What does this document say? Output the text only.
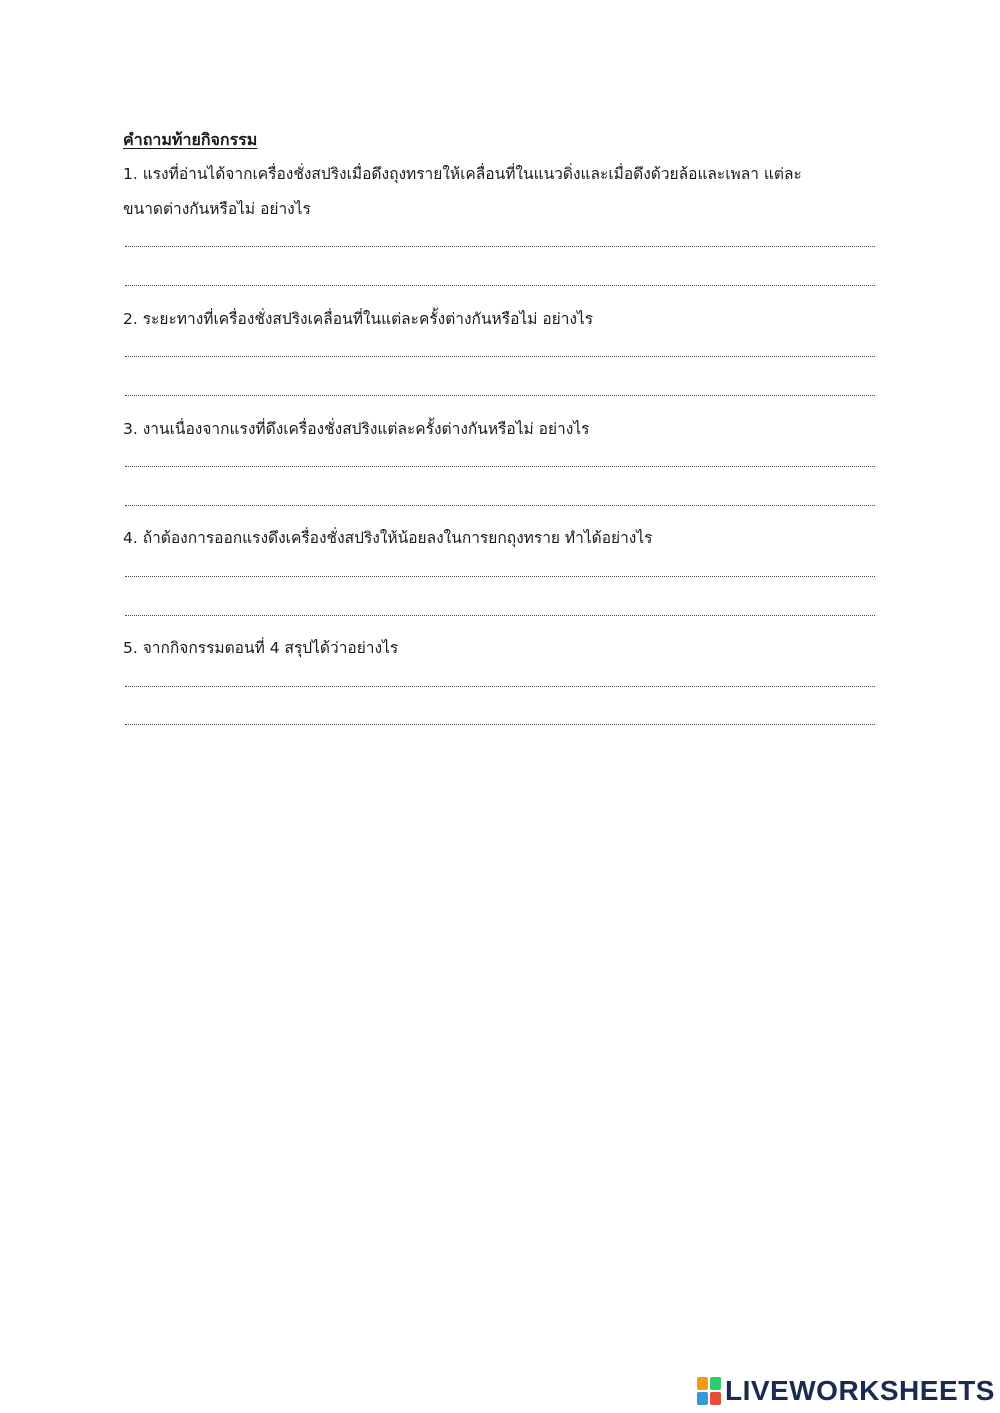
คำถามท้ายกิจกรรม
1. แรงที่อ่านได้จากเครื่องชั่งสปริงเมื่อดึงถุงทรายให้เคลื่อนที่ในแนวดิ่งและเมื่อดึงด้วยล้อและเพลา แต่ละ
ขนาดต่างกันหรือไม่ อย่างไร
2. ระยะทางที่เครื่องชั่งสปริงเคลื่อนที่ในแต่ละครั้งต่างกันหรือไม่ อย่างไร
3. งานเนื่องจากแรงที่ดึงเครื่องชั่งสปริงแต่ละครั้งต่างกันหรือไม่ อย่างไร
4. ถ้าต้องการออกแรงดึงเครื่องชั่งสปริงให้น้อยลงในการยกถุงทราย ทำได้อย่างไร
5. จากกิจกรรมตอนที่ 4 สรุปได้ว่าอย่างไร
LIVEWORKSHEETS
